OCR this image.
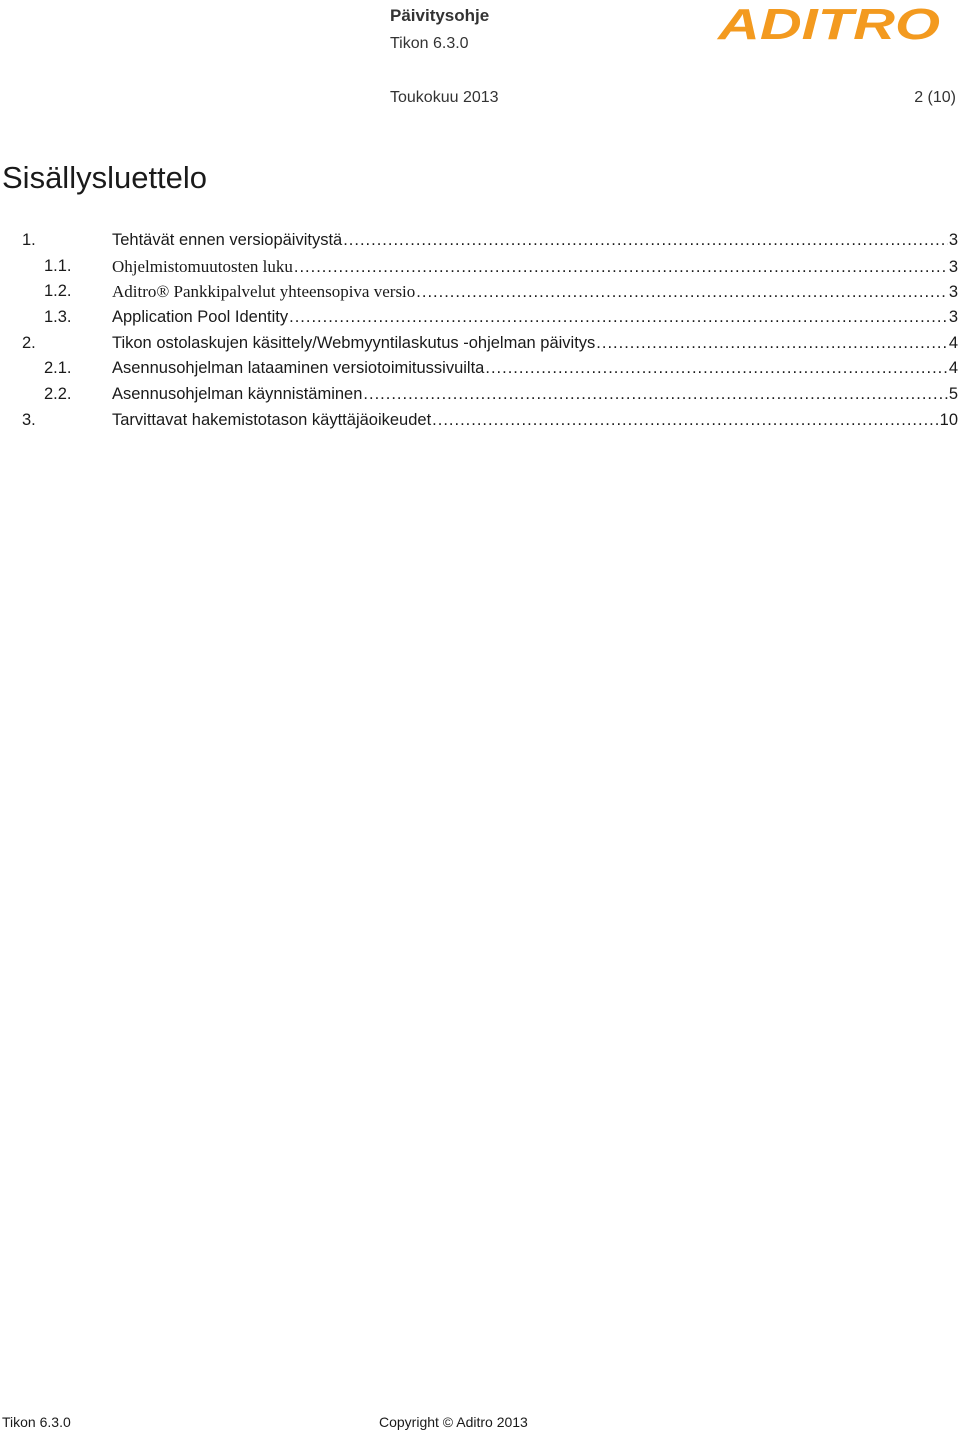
Päivitysohje
Tikon 6.3.0
Toukokuu 2013	2 (10)
ADITRO
Sisällysluettelo
1.	Tehtävät ennen versiopäivitystä .....	3
1.1. Ohjelmistomuutosten luku .....	3
1.2. Aditro® Pankkipalvelut yhteensopiva versio .....	3
1.3. Application Pool Identity .....	3
2.	Tikon ostolaskujen käsittely/Webmyyntilaskutus -ohjelman päivitys .....	4
2.1. Asennusohjelman lataaminen versiotoimitussivuilta .....	4
2.2. Asennusohjelman käynnistäminen .....	5
3.	Tarvittavat hakemistotason käyttäjäoikeudet .....	10
Tikon 6.3.0	Copyright © Aditro 2013
